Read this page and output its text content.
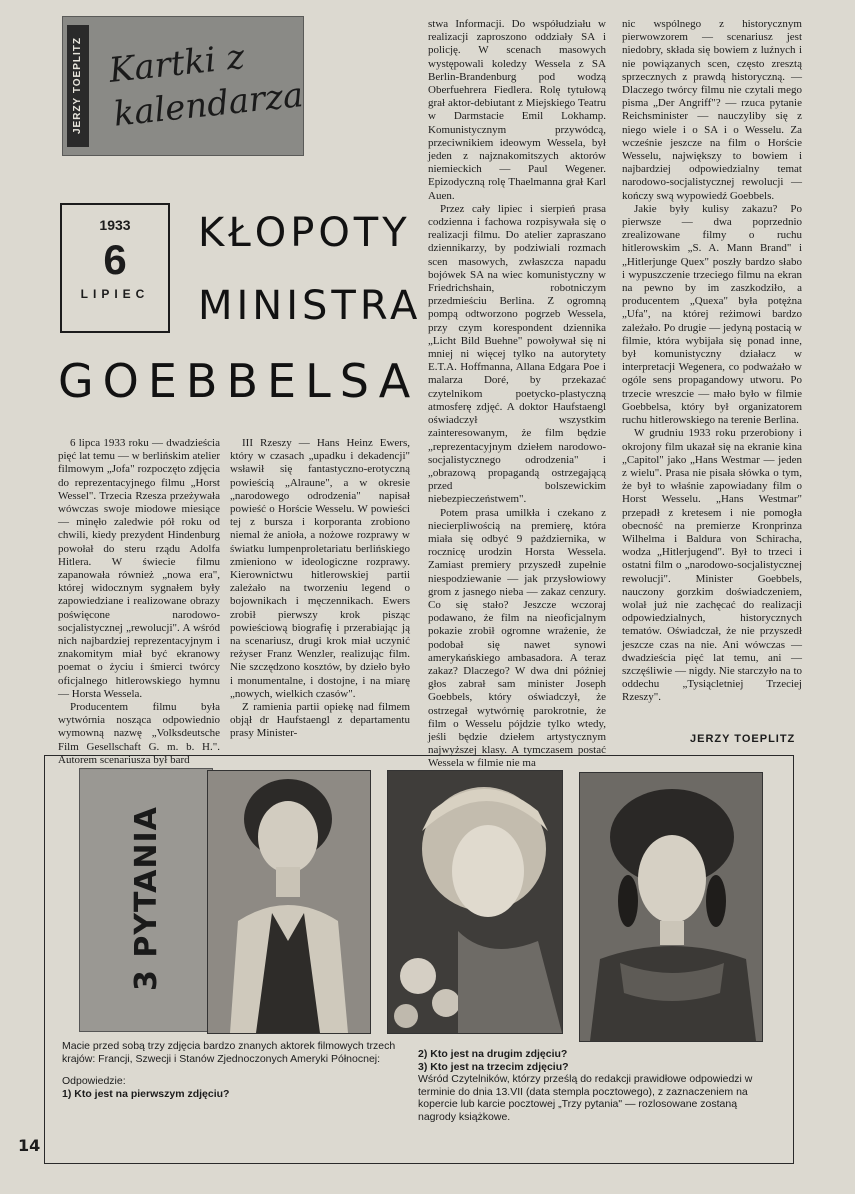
JERZY TOEPLITZ Kartki z kalendarza
1933
6
LIPIEC
KŁOPOTY
MINISTRA
GOEBBELSA

6 lipca 1933 roku — dwadzieścia pięć lat temu — w berlińskim atelier filmowym „Jofa" rozpoczęto zdjęcia do reprezentacyjnego filmu „Horst Wessel". Trzecia Rzesza przeżywała wówczas swoje miodowe miesiące — minęło zaledwie pół roku od chwili, kiedy prezydent Hindenburg powołał do steru rządu Adolfa Hitlera. W świecie filmu zapanowała również „nowa era", której widocznym sygnałem były zapowiedziane i realizowane obrazy poświęcone narodowo-socjalistycznej „rewolucji". A wśród nich najbardziej reprezentacyjnym i znakomitym miał być ekranowy poemat o życiu i śmierci twórcy oficjalnego hitlerowskiego hymnu — Horsta Wessela.

Producentem filmu była wytwórnia nosząca odpowiednio wymowną nazwę „Volksdeutsche Film Gesellschaft G. m. b. H.". Autorem scenariusza był bard

III Rzeszy — Hans Heinz Ewers, który w czasach „upadku i dekadencji" wsławił się fantastyczno-erotyczną powieścią „Alraune", a w okresie „narodowego odrodzenia" napisał powieść o Horście Wesselu. W powieści tej z bursza i korporanta zrobiono niemal że anioła, a nożowe rozprawy w światku lumpenproletariatu berlińskiego zmieniono w ideologiczne rozprawy. Kierownictwu hitlerowskiej partii zależało na tworzeniu legend o bojownikach i męczennikach. Ewers zrobił pierwszy krok pisząc powieściową biografię i przerabiając ją na scenariusz, drugi krok miał uczynić reżyser Franz Wenzler, realizując film. Nie szczędzono kosztów, by dzieło było i monumentalne, i dostojne, i na miarę „nowych, wielkich czasów".

Z ramienia partii opiekę nad filmem objął dr Haufstaengl z departamentu prasy Minister-

stwa Informacji. Do współudziału w realizacji zaproszono oddziały SA i policję. W scenach masowych występowali koledzy Wessela z SA Berlin-Brandenburg pod wodzą Oberfuehrera Fiedlera. Rolę tytułową grał aktor-debiutant z Miejskiego Teatru w Darmstacie Emil Lokhamp. Komunistycznym przywódcą, przeciwnikiem ideowym Wessela, był jeden z najznakomitszych aktorów niemieckich — Paul Wegener. Epizodyczną rolę Thaelmanna grał Karl Auen.

Przez cały lipiec i sierpień prasa codzienna i fachowa rozpisywała się o realizacji filmu. Do atelier zapraszano dziennikarzy, by podziwiali rozmach scen masowych, zwłaszcza napadu bojówek SA na wiec komunistyczny w Friedrichshain, robotniczym przedmieściu Berlina. Z ogromną pompą odtworzono pogrzeb Wessela, przy czym korespondent dziennika „Licht Bild Buehne" powoływał się ni mniej ni więcej tylko na autorytety E.T.A. Hoffmanna, Allana Edgara Poe i malarza Doré, by przekazać czytelnikom poetycko-plastyczną atmosferę zdjęć. A doktor Haufstaengl oświadczył wszystkim zainteresowanym, że film będzie „reprezentacyjnym dziełem narodowo-socjalistycznego odrodzenia" i „obrazową propagandą ostrzegającą przed bolszewickim niebezpieczeństwem".

Potem prasa umilkła i czekano z niecierpliwością na premierę, która miała się odbyć 9 października, w rocznicę urodzin Horsta Wessela. Zamiast premiery przyszedł zupełnie niespodziewanie — jak przysłowiowy grom z jasnego nieba — zakaz cenzury. Co się stało? Jeszcze wczoraj podawano, że film na nieoficjalnym pokazie zrobił ogromne wrażenie, że podobał się nawet synowi amerykańskiego ambasadora. A teraz zakaz? Dlaczego? W dwa dni później głos zabrał sam minister Joseph Goebbels, który oświadczył, że ostrzegał wytwórnię parokrotnie, że film o Wesselu pójdzie tylko wtedy, jeśli będzie dziełem artystycznym najwyższej klasy. A tymczasem postać Wessela w filmie nie ma

nic wspólnego z historycznym pierwowzorem — scenariusz jest niedobry, składa się bowiem z luźnych i nie powiązanych scen, często zresztą sprzecznych z prawdą historyczną. — Dlaczego twórcy filmu nie czytali mego pisma „Der Angriff"? — rzuca pytanie Reichsminister — nauczyliby się z niego wiele i o SA i o Wesselu. Za wcześnie jeszcze na film o Horście Wesselu, największy to bowiem i najbardziej odpowiedzialny temat narodowo-socjalistycznej rewolucji — kończy swą wypowiedź Goebbels.

Jakie były kulisy zakazu? Po pierwsze — dwa poprzednio zrealizowane filmy o ruchu hitlerowskim „S. A. Mann Brand" i „Hitlerjunge Quex" poszły bardzo słabo i wypuszczenie trzeciego filmu na ekran na pewno by im zaszkodziło, a producentem „Quexa" była potężna „Ufa", na której reżimowi bardzo zależało. Po drugie — jedyną postacią w filmie, która wybijała się ponad inne, był komunistyczny działacz w interpretacji Wegenera, co podważało w ogóle sens propagandowy utworu. Po trzecie wreszcie — mało było w filmie Goebbelsa, który był organizatorem ruchu hitlerowskiego na terenie Berlina.

W grudniu 1933 roku przerobiony i okrojony film ukazał się na ekranie kina „Capitol" jako „Hans Westmar — jeden z wielu". Prasa nie pisała słówka o tym, że był to właśnie zapowiadany film o Horst Wesselu. „Hans Westmar" przepadł z kretesem i nie pomogła obecność na premierze Kronprinza Wilhelma i Baldura von Schiracha, wodza „Hitlerjugend". Był to trzeci i ostatni film o „narodowo-socjalistycznej rewolucji". Minister Goebbels, nauczony gorzkim doświadczeniem, wolał już nie zachęcać do realizacji odpowiedzialnych, historycznych tematów. Oświadczał, że nie przyszedł jeszcze czas na nie. Ani wówczas — dwadzieścia pięć lat temu, ani — szczęśliwie — nigdy. Nie starczyło na to oddechu „Tysiącletniej Trzeciej Rzeszy".

JERZY TOEPLITZ
3 PYTANIA

Macie przed sobą trzy zdjęcia bardzo znanych aktorek filmowych trzech krajów: Francji, Szwecji i Stanów Zjednoczonych Ameryki Północnej:

Odpowiedzie:

1) Kto jest na pierwszym zdjęciu?

2) Kto jest na drugim zdjęciu?

3) Kto jest na trzecim zdjęciu?

Wśród Czytelników, którzy prześlą do redakcji prawidłowe odpowiedzi w terminie do dnia 13.VII (data stempla pocztowego), z zaznaczeniem na kopercie lub karcie pocztowej „Trzy pytania" — rozlosowane zostaną nagrody książkowe.

14
